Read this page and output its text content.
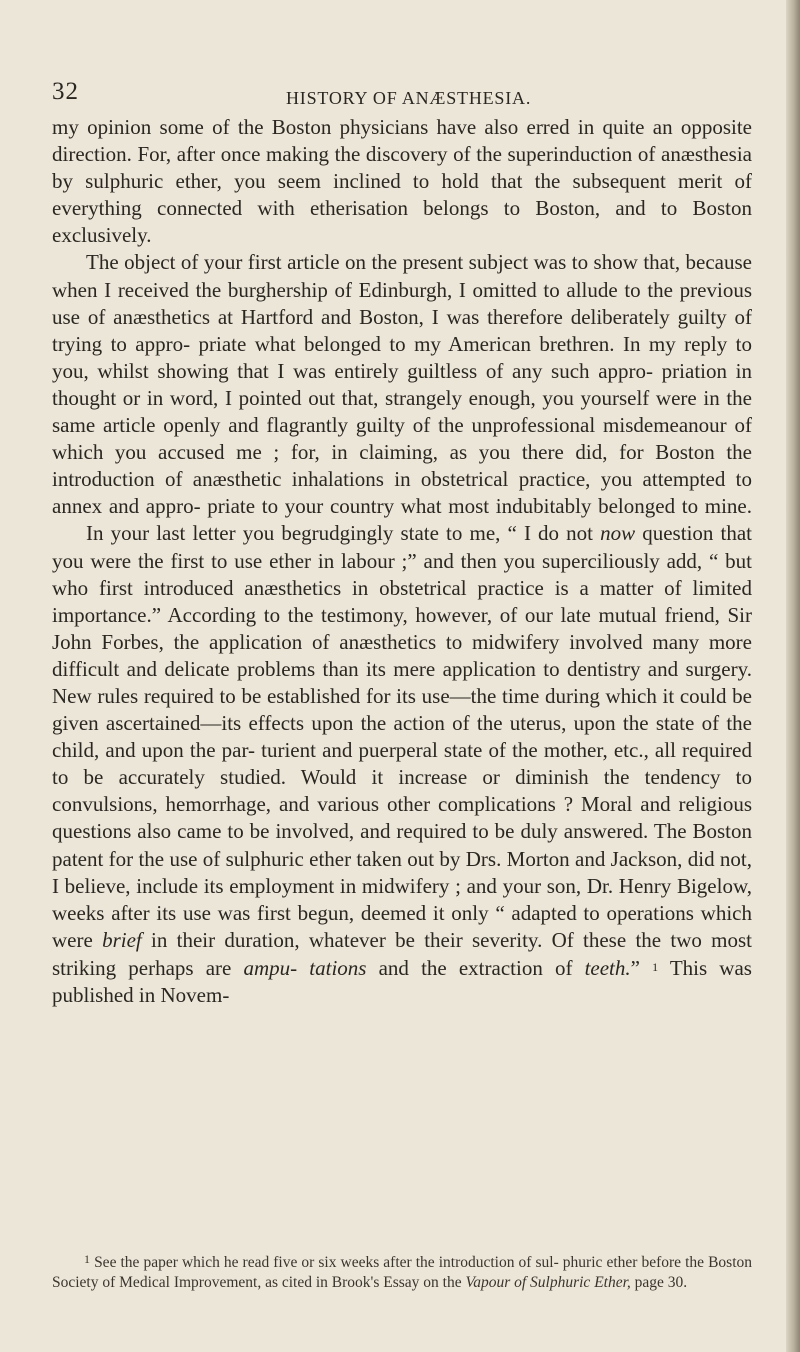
32	HISTORY OF ANÆSTHESIA.

my opinion some of the Boston physicians have also erred in quite an opposite direction. For, after once making the discovery of the superinduction of anæsthesia by sulphuric ether, you seem inclined to hold that the subsequent merit of everything connected with etherisation belongs to Boston, and to Boston exclusively.

The object of your first article on the present subject was to show that, because when I received the burghership of Edinburgh, I omitted to allude to the previous use of anæsthetics at Hartford and Boston, I was therefore deliberately guilty of trying to appro- priate what belonged to my American brethren. In my reply to you, whilst showing that I was entirely guiltless of any such appro- priation in thought or in word, I pointed out that, strangely enough, you yourself were in the same article openly and flagrantly guilty of the unprofessional misdemeanour of which you accused me ; for, in claiming, as you there did, for Boston the introduction of anæsthetic inhalations in obstetrical practice, you attempted to annex and appro- priate to your country what most indubitably belonged to mine.

In your last letter you begrudgingly state to me, “ I do not now question that you were the first to use ether in labour ;” and then you superciliously add, “ but who first introduced anæsthetics in obstetrical practice is a matter of limited importance.” According to the testimony, however, of our late mutual friend, Sir John Forbes, the application of anæsthetics to midwifery involved many more difficult and delicate problems than its mere application to dentistry and surgery. New rules required to be established for its use—the time during which it could be given ascertained—its effects upon the action of the uterus, upon the state of the child, and upon the par- turient and puerperal state of the mother, etc., all required to be accurately studied. Would it increase or diminish the tendency to convulsions, hemorrhage, and various other complications ? Moral and religious questions also came to be involved, and required to be duly answered. The Boston patent for the use of sulphuric ether taken out by Drs. Morton and Jackson, did not, I believe, include its employment in midwifery ; and your son, Dr. Henry Bigelow, weeks after its use was first begun, deemed it only “ adapted to operations which were brief in their duration, whatever be their severity. Of these the two most striking perhaps are ampu- tations and the extraction of teeth.” $^1$ This was published in Novem-

$^1$ See the paper which he read five or six weeks after the introduction of sul- phuric ether before the Boston Society of Medical Improvement, as cited in Brook's Essay on the Vapour of Sulphuric Ether, page 30.
